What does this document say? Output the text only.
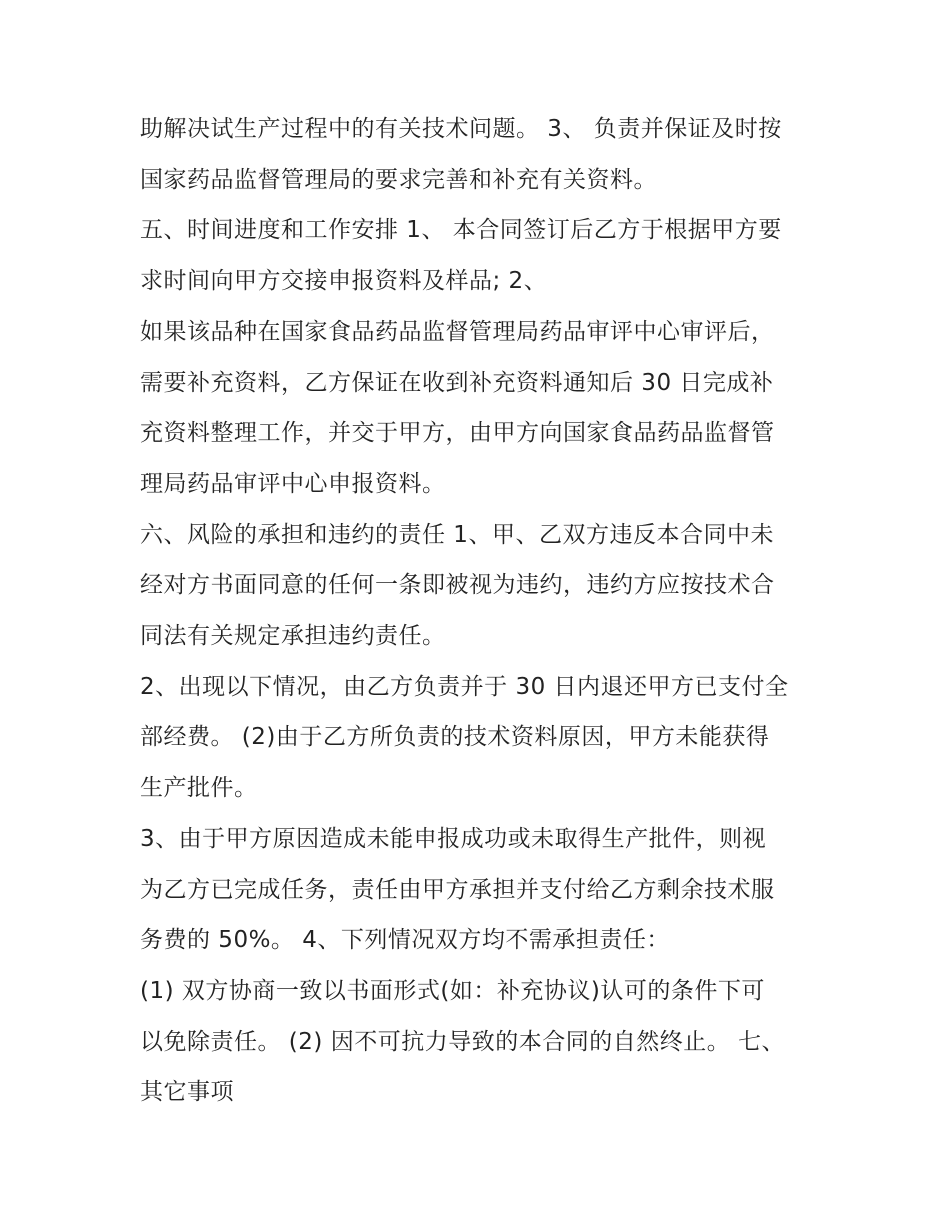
助解决试生产过程中的有关技术问题。 3、 负责并保证及时按
国家药品监督管理局的要求完善和补充有关资料。
五、时间进度和工作安排 1、 本合同签订后乙方于根据甲方要
求时间向甲方交接申报资料及样品; 2、
如果该品种在国家食品药品监督管理局药品审评中心审评后，
需要补充资料，乙方保证在收到补充资料通知后 30 日完成补
充资料整理工作，并交于甲方，由甲方向国家食品药品监督管
理局药品审评中心申报资料。
六、风险的承担和违约的责任 1、甲、乙双方违反本合同中未
经对方书面同意的任何一条即被视为违约，违约方应按技术合
同法有关规定承担违约责任。
2、出现以下情况，由乙方负责并于 30 日内退还甲方已支付全
部经费。 (2)由于乙方所负责的技术资料原因，甲方未能获得
生产批件。
3、由于甲方原因造成未能申报成功或未取得生产批件，则视
为乙方已完成任务，责任由甲方承担并支付给乙方剩余技术服
务费的 50%。 4、下列情况双方均不需承担责任：
(1) 双方协商一致以书面形式(如：补充协议)认可的条件下可
以免除责任。 (2) 因不可抗力导致的本合同的自然终止。 七、
其它事项
